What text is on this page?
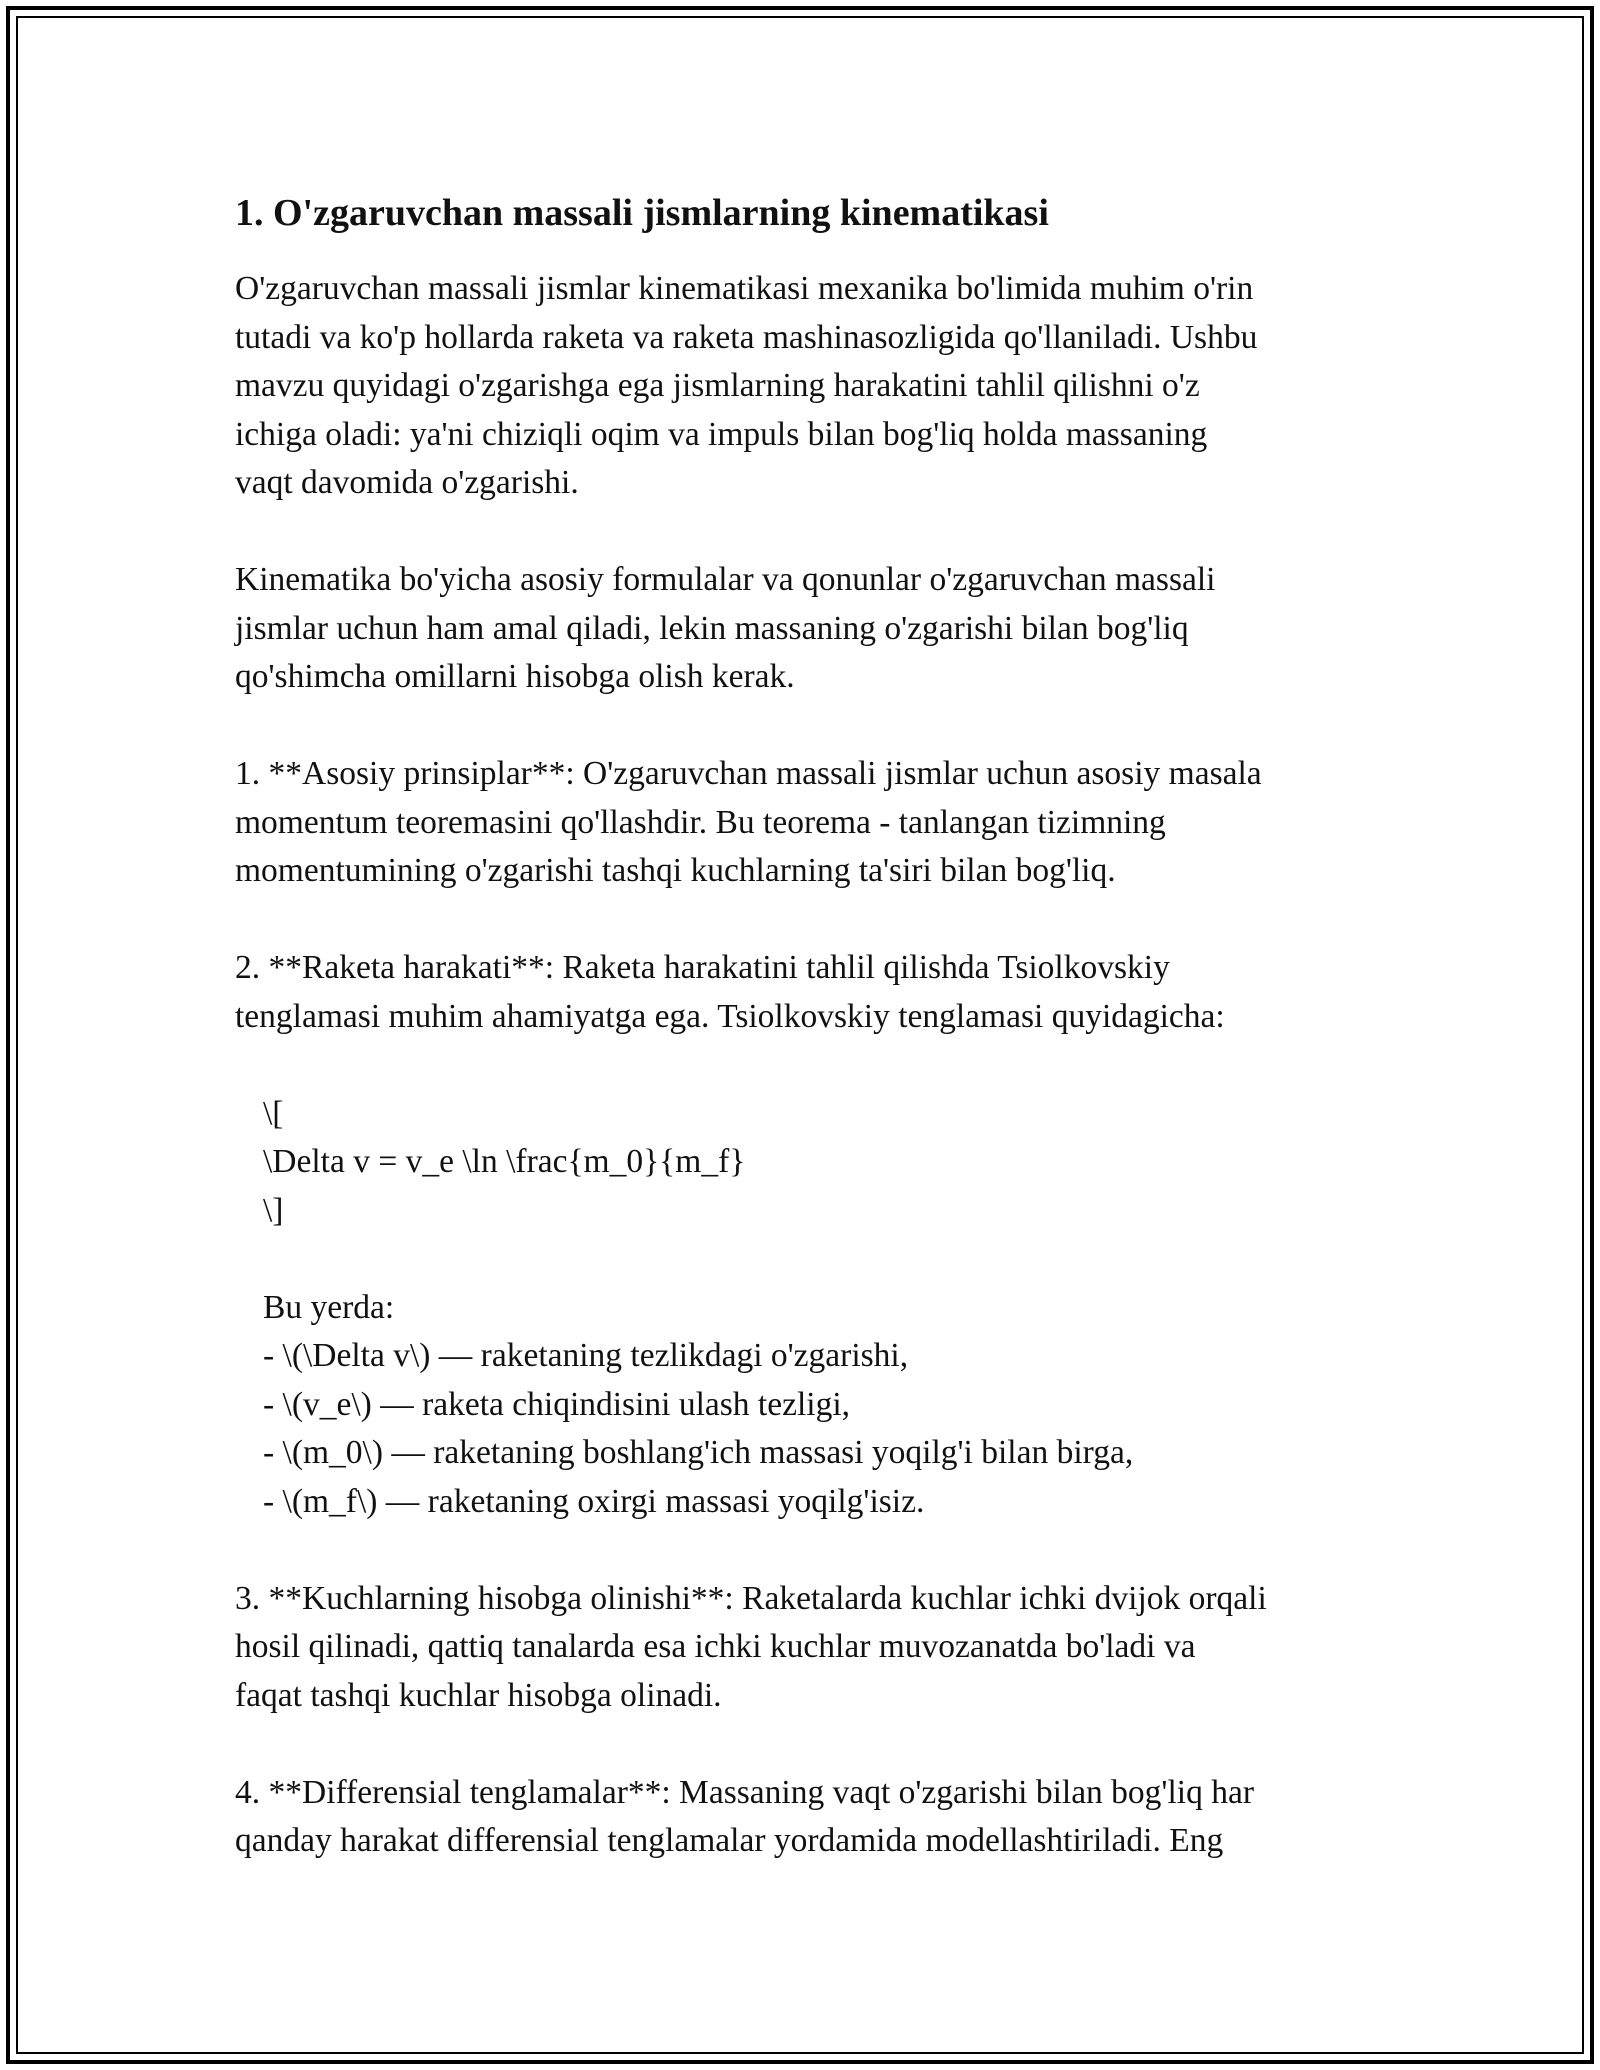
1. O'zgaruvchan massali jismlarning kinematikasi

O'zgaruvchan massali jismlar kinematikasi mexanika bo'limida muhim o'rin
tutadi va ko'p hollarda raketa va raketa mashinasozligida qo'llaniladi. Ushbu
mavzu quyidagi o'zgarishga ega jismlarning harakatini tahlil qilishni o'z
ichiga oladi: ya'ni chiziqli oqim va impuls bilan bog'liq holda massaning
vaqt davomida o'zgarishi.

Kinematika bo'yicha asosiy formulalar va qonunlar o'zgaruvchan massali
jismlar uchun ham amal qiladi, lekin massaning o'zgarishi bilan bog'liq
qo'shimcha omillarni hisobga olish kerak.

1. **Asosiy prinsiplar**: O'zgaruvchan massali jismlar uchun asosiy masala
momentum teoremasini qo'llashdir. Bu teorema - tanlangan tizimning
momentumining o'zgarishi tashqi kuchlarning ta'siri bilan bog'liq.

2. **Raketa harakati**: Raketa harakatini tahlil qilishda Tsiolkovskiy
tenglamasi muhim ahamiyatga ega. Tsiolkovskiy tenglamasi quyidagicha:
\[
\Delta v = v_e \ln \frac{m_0}{m_f}
\]
Bu yerda:
- \(\Delta v\) — raketaning tezlikdagi o'zgarishi,
- \(v_e\) — raketa chiqindisini ulash tezligi,
- \(m_0\) — raketaning boshlang'ich massasi yoqilg'i bilan birga,
- \(m_f\) — raketaning oxirgi massasi yoqilg'isiz.

3. **Kuchlarning hisobga olinishi**: Raketalarda kuchlar ichki dvijok orqali
hosil qilinadi, qattiq tanalarda esa ichki kuchlar muvozanatda bo'ladi va
faqat tashqi kuchlar hisobga olinadi.

4. **Differensial tenglamalar**: Massaning vaqt o'zgarishi bilan bog'liq har
qanday harakat differensial tenglamalar yordamida modellashtiriladi. Eng
